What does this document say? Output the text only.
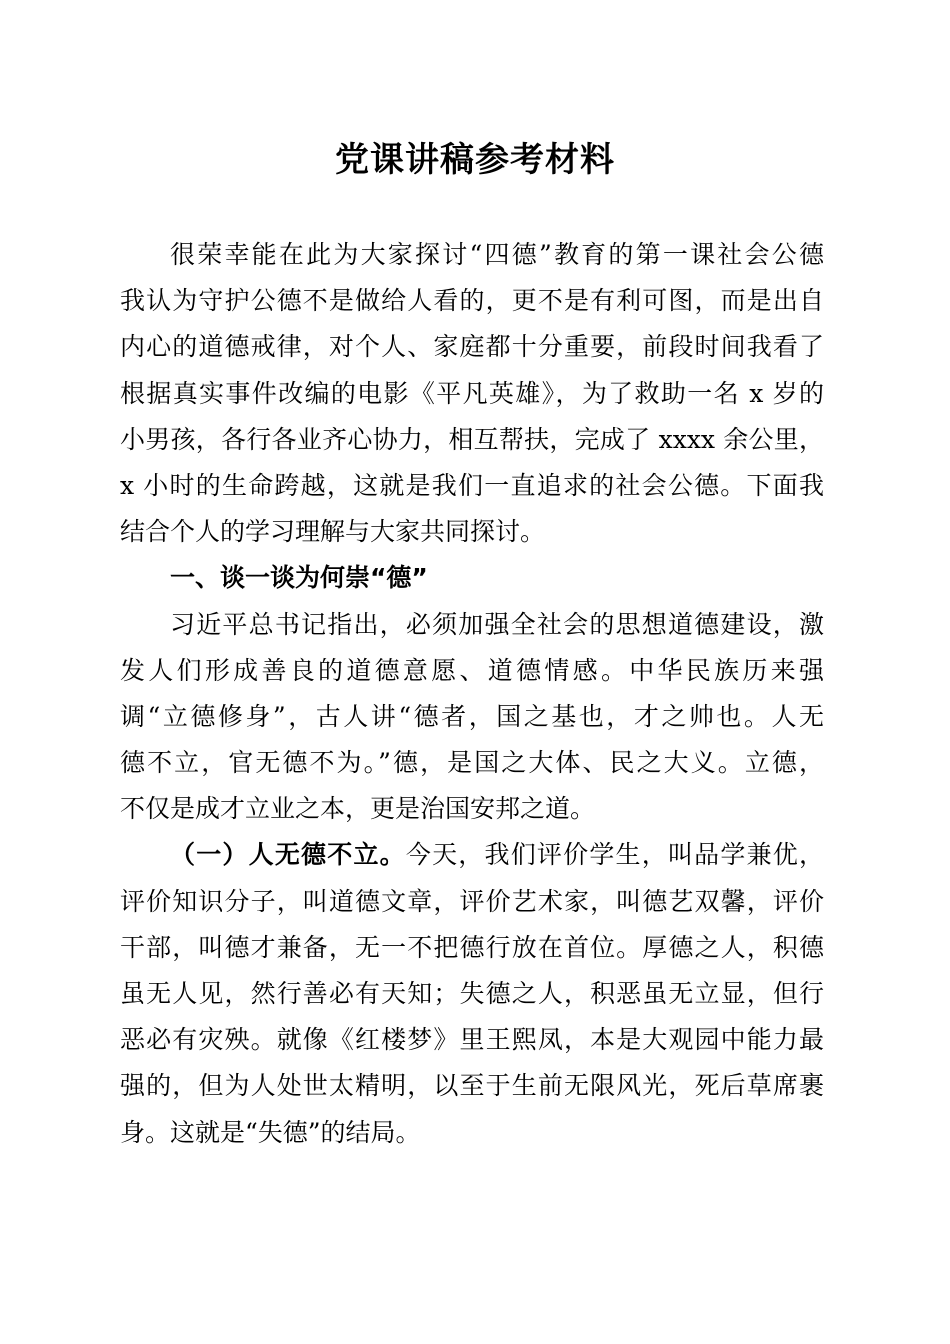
党课讲稿参考材料
很荣幸能在此为大家探讨“四德”教育的第一课社会公德
我认为守护公德不是做给人看的，更不是有利可图，而是出自
内心的道德戒律，对个人、家庭都十分重要，前段时间我看了
根据真实事件改编的电影《平凡英雄》，为了救助一名 x 岁的
小男孩，各行各业齐心协力，相互帮扶，完成了 xxxx 余公里，
x 小时的生命跨越，这就是我们一直追求的社会公德。下面我
结合个人的学习理解与大家共同探讨。
一、谈一谈为何崇“德”
习近平总书记指出，必须加强全社会的思想道德建设，激
发人们形成善良的道德意愿、道德情感。中华民族历来强
调“立德修身”，古人讲“德者，国之基也，才之帅也。人无
德不立，官无德不为。”德，是国之大体、民之大义。立德，
不仅是成才立业之本，更是治国安邦之道。
（一）人无德不立。今天，我们评价学生，叫品学兼优，
评价知识分子，叫道德文章，评价艺术家，叫德艺双馨，评价
干部，叫德才兼备，无一不把德行放在首位。厚德之人，积德
虽无人见，然行善必有天知；失德之人，积恶虽无立显，但行
恶必有灾殃。就像《红楼梦》里王熙凤，本是大观园中能力最
强的，但为人处世太精明，以至于生前无限风光，死后草席裹
身。这就是“失德”的结局。
